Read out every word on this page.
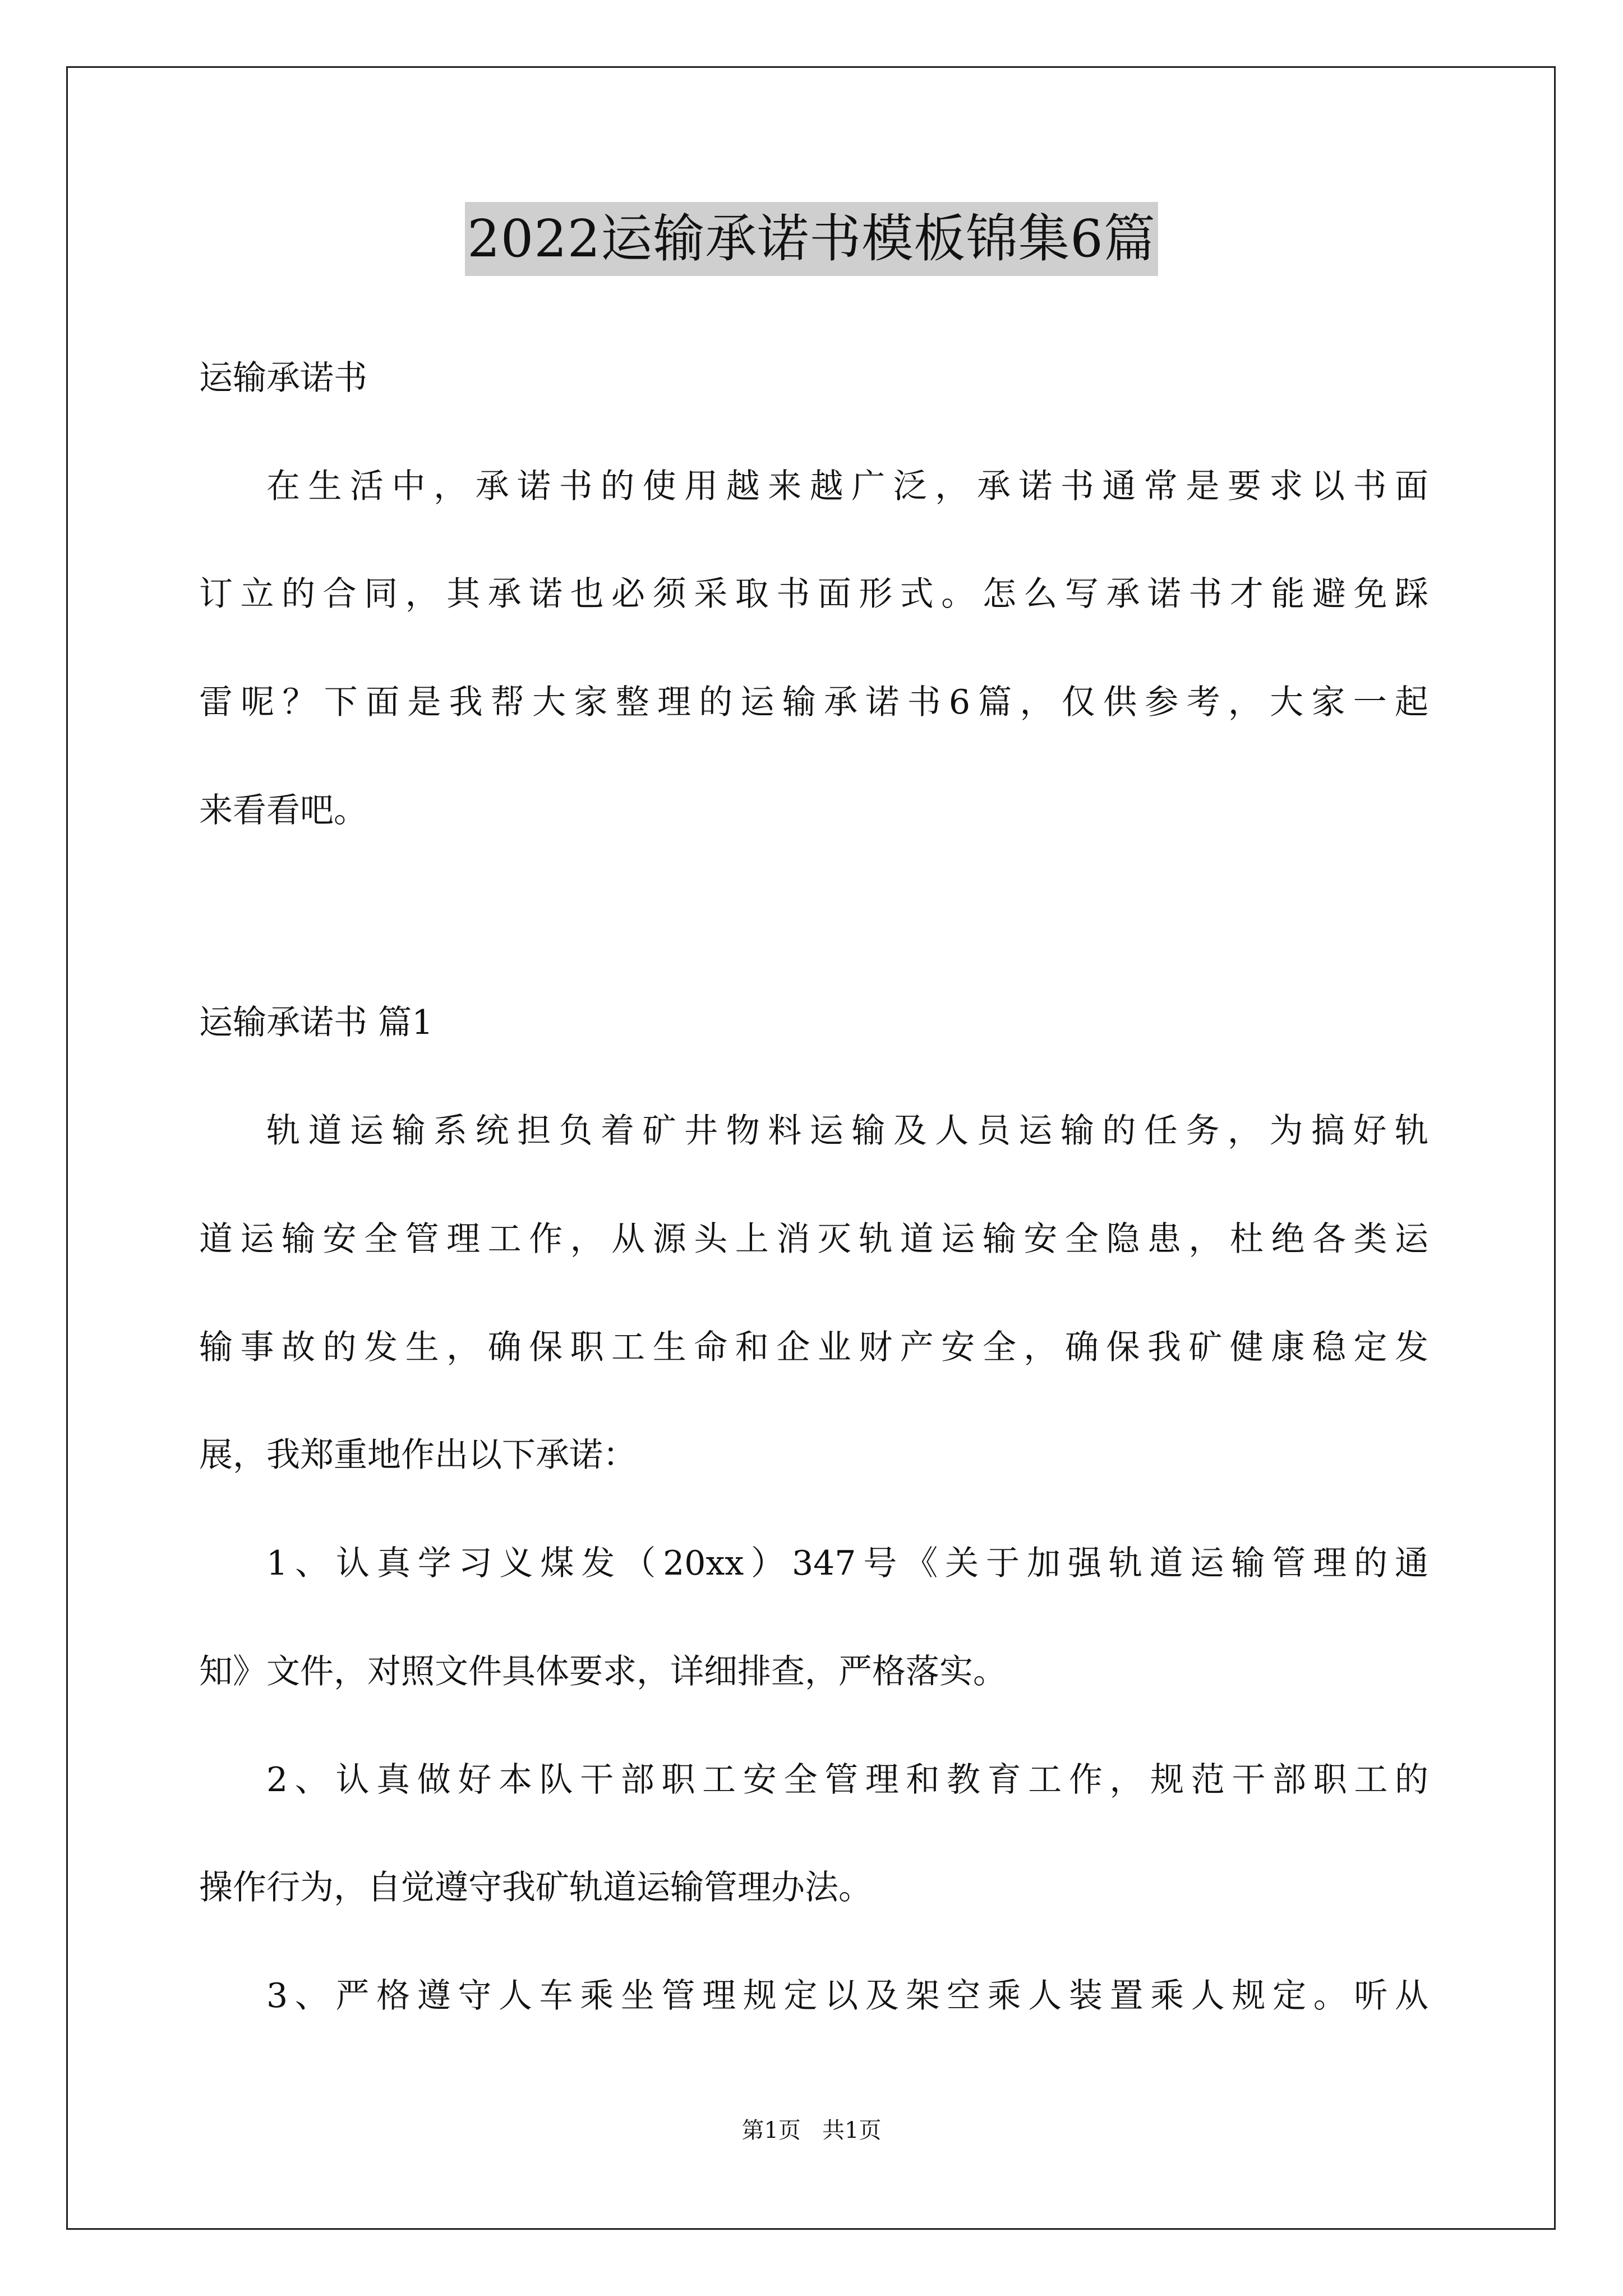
2022运输承诺书模板锦集6篇
运输承诺书
在生活中，承诺书的使用越来越广泛，承诺书通常是要求以书面
订立的合同，其承诺也必须采取书面形式。怎么写承诺书才能避免踩
雷呢？下面是我帮大家整理的运输承诺书6篇，仅供参考，大家一起
来看看吧。
运输承诺书 篇1
轨道运输系统担负着矿井物料运输及人员运输的任务，为搞好轨
道运输安全管理工作，从源头上消灭轨道运输安全隐患，杜绝各类运
输事故的发生，确保职工生命和企业财产安全，确保我矿健康稳定发
展，我郑重地作出以下承诺：
1、认真学习义煤发（20xx）347号《关于加强轨道运输管理的通
知》文件，对照文件具体要求，详细排查，严格落实。
2、认真做好本队干部职工安全管理和教育工作，规范干部职工的
操作行为，自觉遵守我矿轨道运输管理办法。
3、严格遵守人车乘坐管理规定以及架空乘人装置乘人规定。听从
第1页   共1页
